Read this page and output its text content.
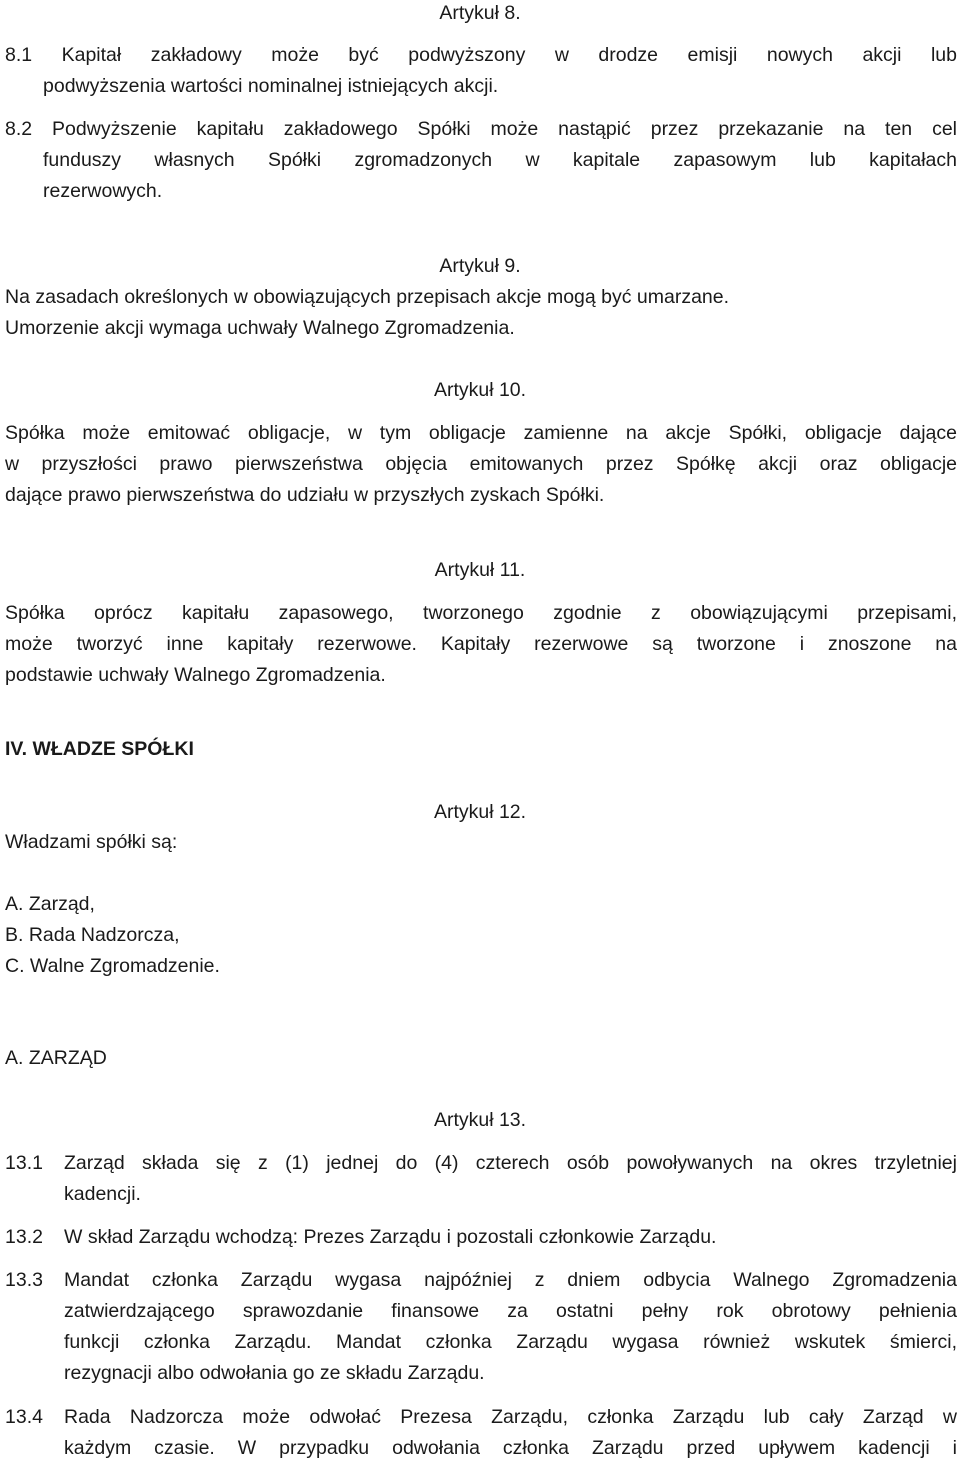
Artykuł 8.
8.1 Kapitał zakładowy może być podwyższony w drodze emisji nowych akcji lub
podwyższenia wartości nominalnej istniejących akcji.
8.2 Podwyższenie kapitału zakładowego Spółki może nastąpić przez przekazanie na ten cel
funduszy własnych Spółki zgromadzonych w kapitale zapasowym lub kapitałach
rezerwowych.
Artykuł 9.
Na zasadach określonych w obowiązujących przepisach akcje mogą być umarzane.
Umorzenie akcji wymaga uchwały Walnego Zgromadzenia.
Artykuł 10.
Spółka może emitować obligacje, w tym obligacje zamienne na akcje Spółki, obligacje dające
w przyszłości prawo pierwszeństwa objęcia emitowanych przez Spółkę akcji oraz obligacje
dające prawo pierwszeństwa do udziału w przyszłych zyskach Spółki.
Artykuł 11.
Spółka oprócz kapitału zapasowego, tworzonego zgodnie z obowiązującymi przepisami,
może tworzyć inne kapitały rezerwowe. Kapitały rezerwowe są tworzone i znoszone na
podstawie uchwały Walnego Zgromadzenia.
IV. WŁADZE SPÓŁKI
Artykuł 12.
Władzami spółki są:
A. Zarząd,
B. Rada Nadzorcza,
C. Walne Zgromadzenie.
A. ZARZĄD
Artykuł 13.
13.1 Zarząd składa się z (1) jednej do (4) czterech osób powoływanych na okres trzyletniej
kadencji.
13.2 W skład Zarządu wchodzą: Prezes Zarządu i pozostali członkowie Zarządu.
13.3 Mandat członka Zarządu wygasa najpóźniej z dniem odbycia Walnego Zgromadzenia
zatwierdzającego sprawozdanie finansowe za ostatni pełny rok obrotowy pełnienia
funkcji członka Zarządu. Mandat członka Zarządu wygasa również wskutek śmierci,
rezygnacji albo odwołania go ze składu Zarządu.
13.4 Rada Nadzorcza może odwołać Prezesa Zarządu, członka Zarządu lub cały Zarząd w
każdym czasie. W przypadku odwołania członka Zarządu przed upływem kadencji i
